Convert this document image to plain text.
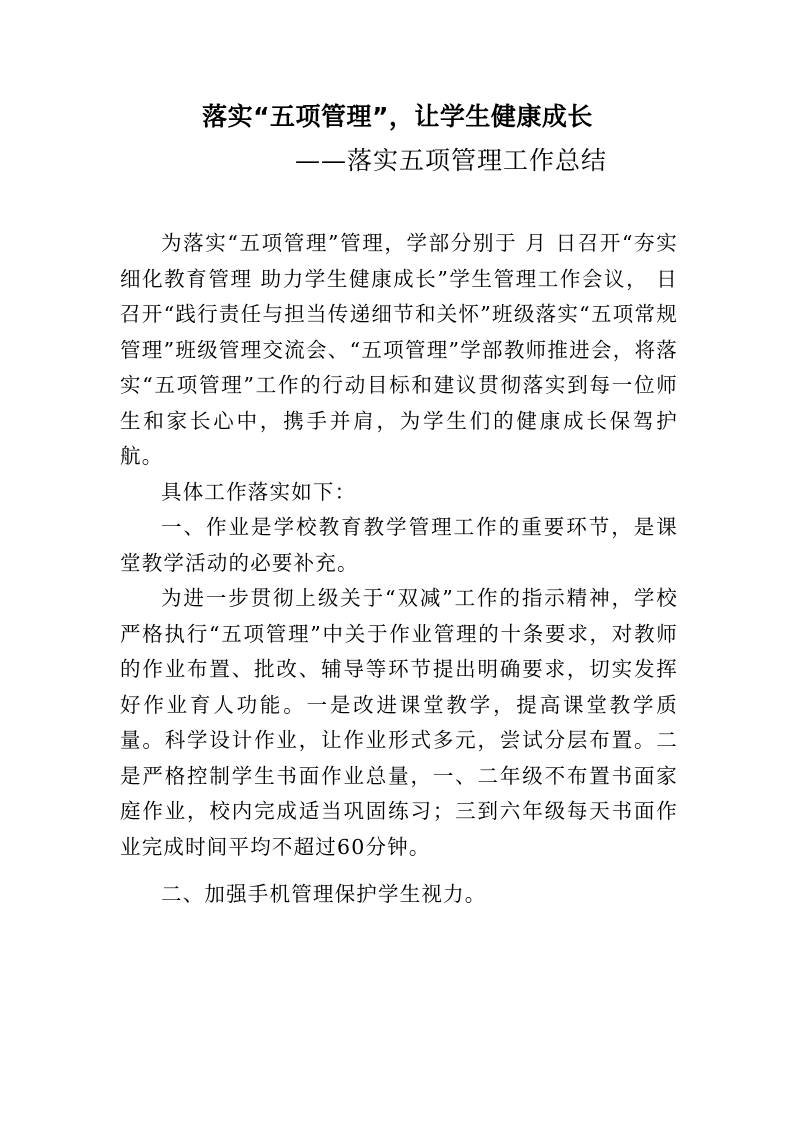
落实“五项管理”，让学生健康成长
——落实五项管理工作总结

为落实“五项管理”管理，学部分别于 月 日召开“夯实细化教育管理 助力学生健康成长”学生管理工作会议， 日召开“践行责任与担当传递细节和关怀”班级落实“五项常规管理”班级管理交流会、“五项管理”学部教师推进会，将落实“五项管理”工作的行动目标和建议贯彻落实到每一位师生和家长心中，携手并肩，为学生们的健康成长保驾护航。

具体工作落实如下：

一、作业是学校教育教学管理工作的重要环节，是课堂教学活动的必要补充。

为进一步贯彻上级关于“双减”工作的指示精神，学校严格执行“五项管理”中关于作业管理的十条要求，对教师的作业布置、批改、辅导等环节提出明确要求，切实发挥好作业育人功能。一是改进课堂教学，提高课堂教学质量。科学设计作业，让作业形式多元，尝试分层布置。二是严格控制学生书面作业总量，一、二年级不布置书面家庭作业，校内完成适当巩固练习；三到六年级每天书面作业完成时间平均不超过60分钟。

二、加强手机管理保护学生视力。
